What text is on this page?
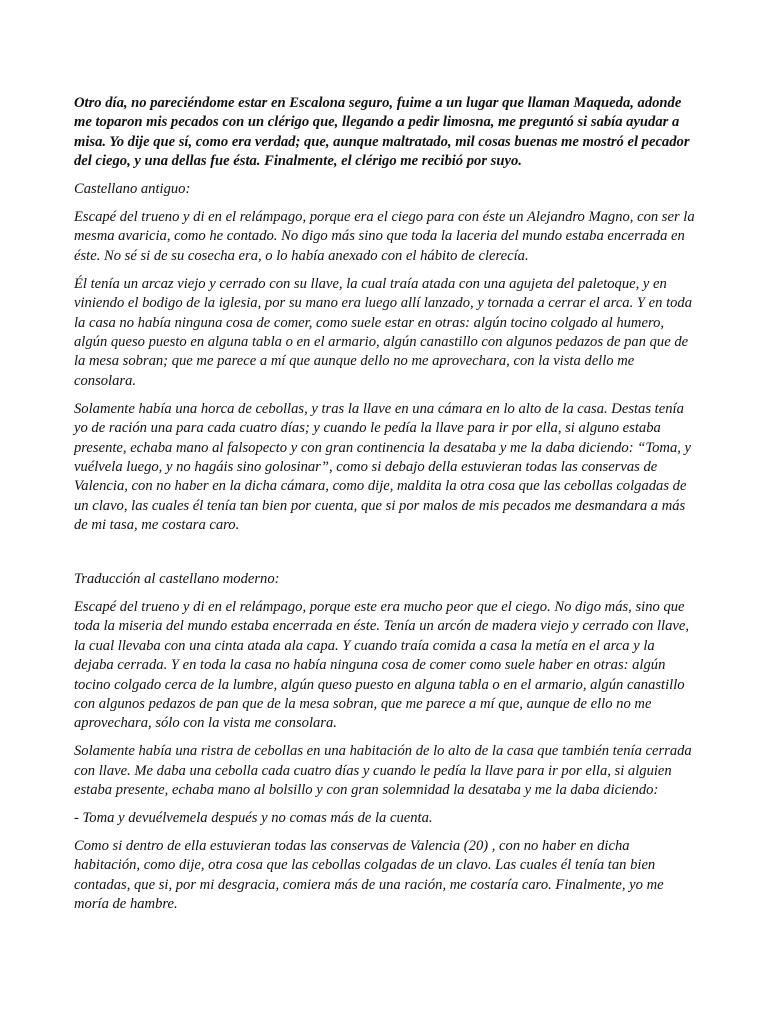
Otro día, no pareciéndome estar en Escalona seguro, fuime a un lugar que llaman Maqueda, adonde me toparon mis pecados con un clérigo que, llegando a pedir limosna, me preguntó si sabía ayudar a misa. Yo dije que sí, como era verdad; que, aunque maltratado, mil cosas buenas me mostró el pecador del ciego, y una dellas fue ésta. Finalmente, el clérigo me recibió por suyo.

Castellano antiguo:

Escapé del trueno y di en el relámpago, porque era el ciego para con éste un Alejandro Magno, con ser la mesma avaricia, como he contado. No digo más sino que toda la laceria del mundo estaba encerrada en éste. No sé si de su cosecha era, o lo había anexado con el hábito de clerecía.

Él tenía un arcaz viejo y cerrado con su llave, la cual traía atada con una agujeta del paletoque, y en viniendo el bodigo de la iglesia, por su mano era luego allí lanzado, y tornada a cerrar el arca. Y en toda la casa no había ninguna cosa de comer, como suele estar en otras: algún tocino colgado al humero, algún queso puesto en alguna tabla o en el armario, algún canastillo con algunos pedazos de pan que de la mesa sobran; que me parece a mí que aunque dello no me aprovechara, con la vista dello me consolara.

Solamente había una horca de cebollas, y tras la llave en una cámara en lo alto de la casa. Destas tenía yo de ración una para cada cuatro días; y cuando le pedía la llave para ir por ella, si alguno estaba presente, echaba mano al falsopecto y con gran continencia la desataba y me la daba diciendo: “Toma, y vuélvela luego, y no hagáis sino golosinar”, como si debajo della estuvieran todas las conservas de Valencia, con no haber en la dicha cámara, como dije, maldita la otra cosa que las cebollas colgadas de un clavo, las cuales él tenía tan bien por cuenta, que si por malos de mis pecados me desmandara a más de mi tasa, me costara caro.

Traducción al castellano moderno:

Escapé del trueno y di en el relámpago, porque este era mucho peor que el ciego. No digo más, sino que toda la miseria del mundo estaba encerrada en éste. Tenía un arcón de madera viejo y cerrado con llave, la cual llevaba con una cinta atada ala capa. Y cuando traía comida a casa la metía en el arca y la dejaba cerrada. Y en toda la casa no había ninguna cosa de comer como suele haber en otras: algún tocino colgado cerca de la lumbre, algún queso puesto en alguna tabla o en el armario, algún canastillo con algunos pedazos de pan que de la mesa sobran, que me parece a mí que, aunque de ello no me aprovechara, sólo con la vista me consolara.

Solamente había una ristra de cebollas en una habitación de lo alto de la casa que también tenía cerrada con llave. Me daba una cebolla cada cuatro días y cuando le pedía la llave para ir por ella, si alguien estaba presente, echaba mano al bolsillo y con gran solemnidad la desataba y me la daba diciendo:

- Toma y devuélvemela después y no comas más de la cuenta.

Como si dentro de ella estuvieran todas las conservas de Valencia (20) , con no haber en dicha habitación, como dije, otra cosa que las cebollas colgadas de un clavo. Las cuales él tenía tan bien contadas, que si, por mi desgracia, comiera más de una ración, me costaría caro. Finalmente, yo me moría de hambre.
